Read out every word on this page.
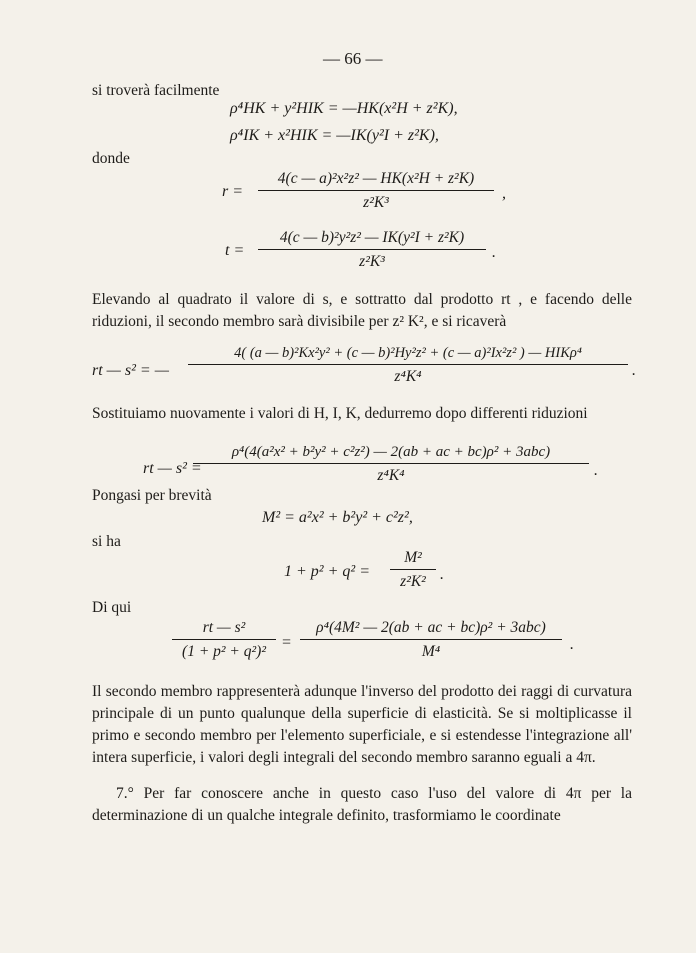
— 66 —
si troverà facilmente
ρ⁴HK + y²HIK = —HK(x²H + z²K),
ρ⁴IK + x²HIK = —IK(y²I + z²K),
donde
r =
4(c — a)²x²z² — HK(x²H + z²K)
z²K³
,
t =
4(c — b)²y²z² — IK(y²I + z²K)
z²K³
.

Elevando al quadrato il valore di s, e sottratto dal prodotto rt , e facendo delle riduzioni, il secondo membro sarà divisibile per z² K², e si ricaverà

rt — s² = —
4( (a — b)²Kx²y² + (c — b)²Hy²z² + (c — a)²Ix²z² ) — HIKρ⁴
z⁴K⁴	.

Sostituiamo nuovamente i valori di H, I, K, dedurremo dopo differenti riduzioni

rt — s² =
ρ⁴(4(a²x² + b²y² + c²z²) — 2(ab + ac + bc)ρ² + 3abc)
z⁴K⁴	.
Pongasi per brevità
M² = a²x² + b²y² + c²z²,
si ha
1 + p² + q² =
M²
z²K² .
Di qui
rt — s²
(1 + p² + q²)²
=
ρ⁴(4M² — 2(ab + ac + bc)ρ² + 3abc)
M⁴	.

Il secondo membro rappresenterà adunque l'inverso del prodotto dei raggi di curvatura principale di un punto qualunque della superficie di elasticità. Se si moltiplicasse il primo e secondo membro per l'elemento superficiale, e si estendesse l'integrazione all' intera superficie, i valori degli integrali del secondo membro saranno eguali a 4π.

7.° Per far conoscere anche in questo caso l'uso del valore di 4π per la determinazione di un qualche integrale definito, trasformiamo le coordinate
